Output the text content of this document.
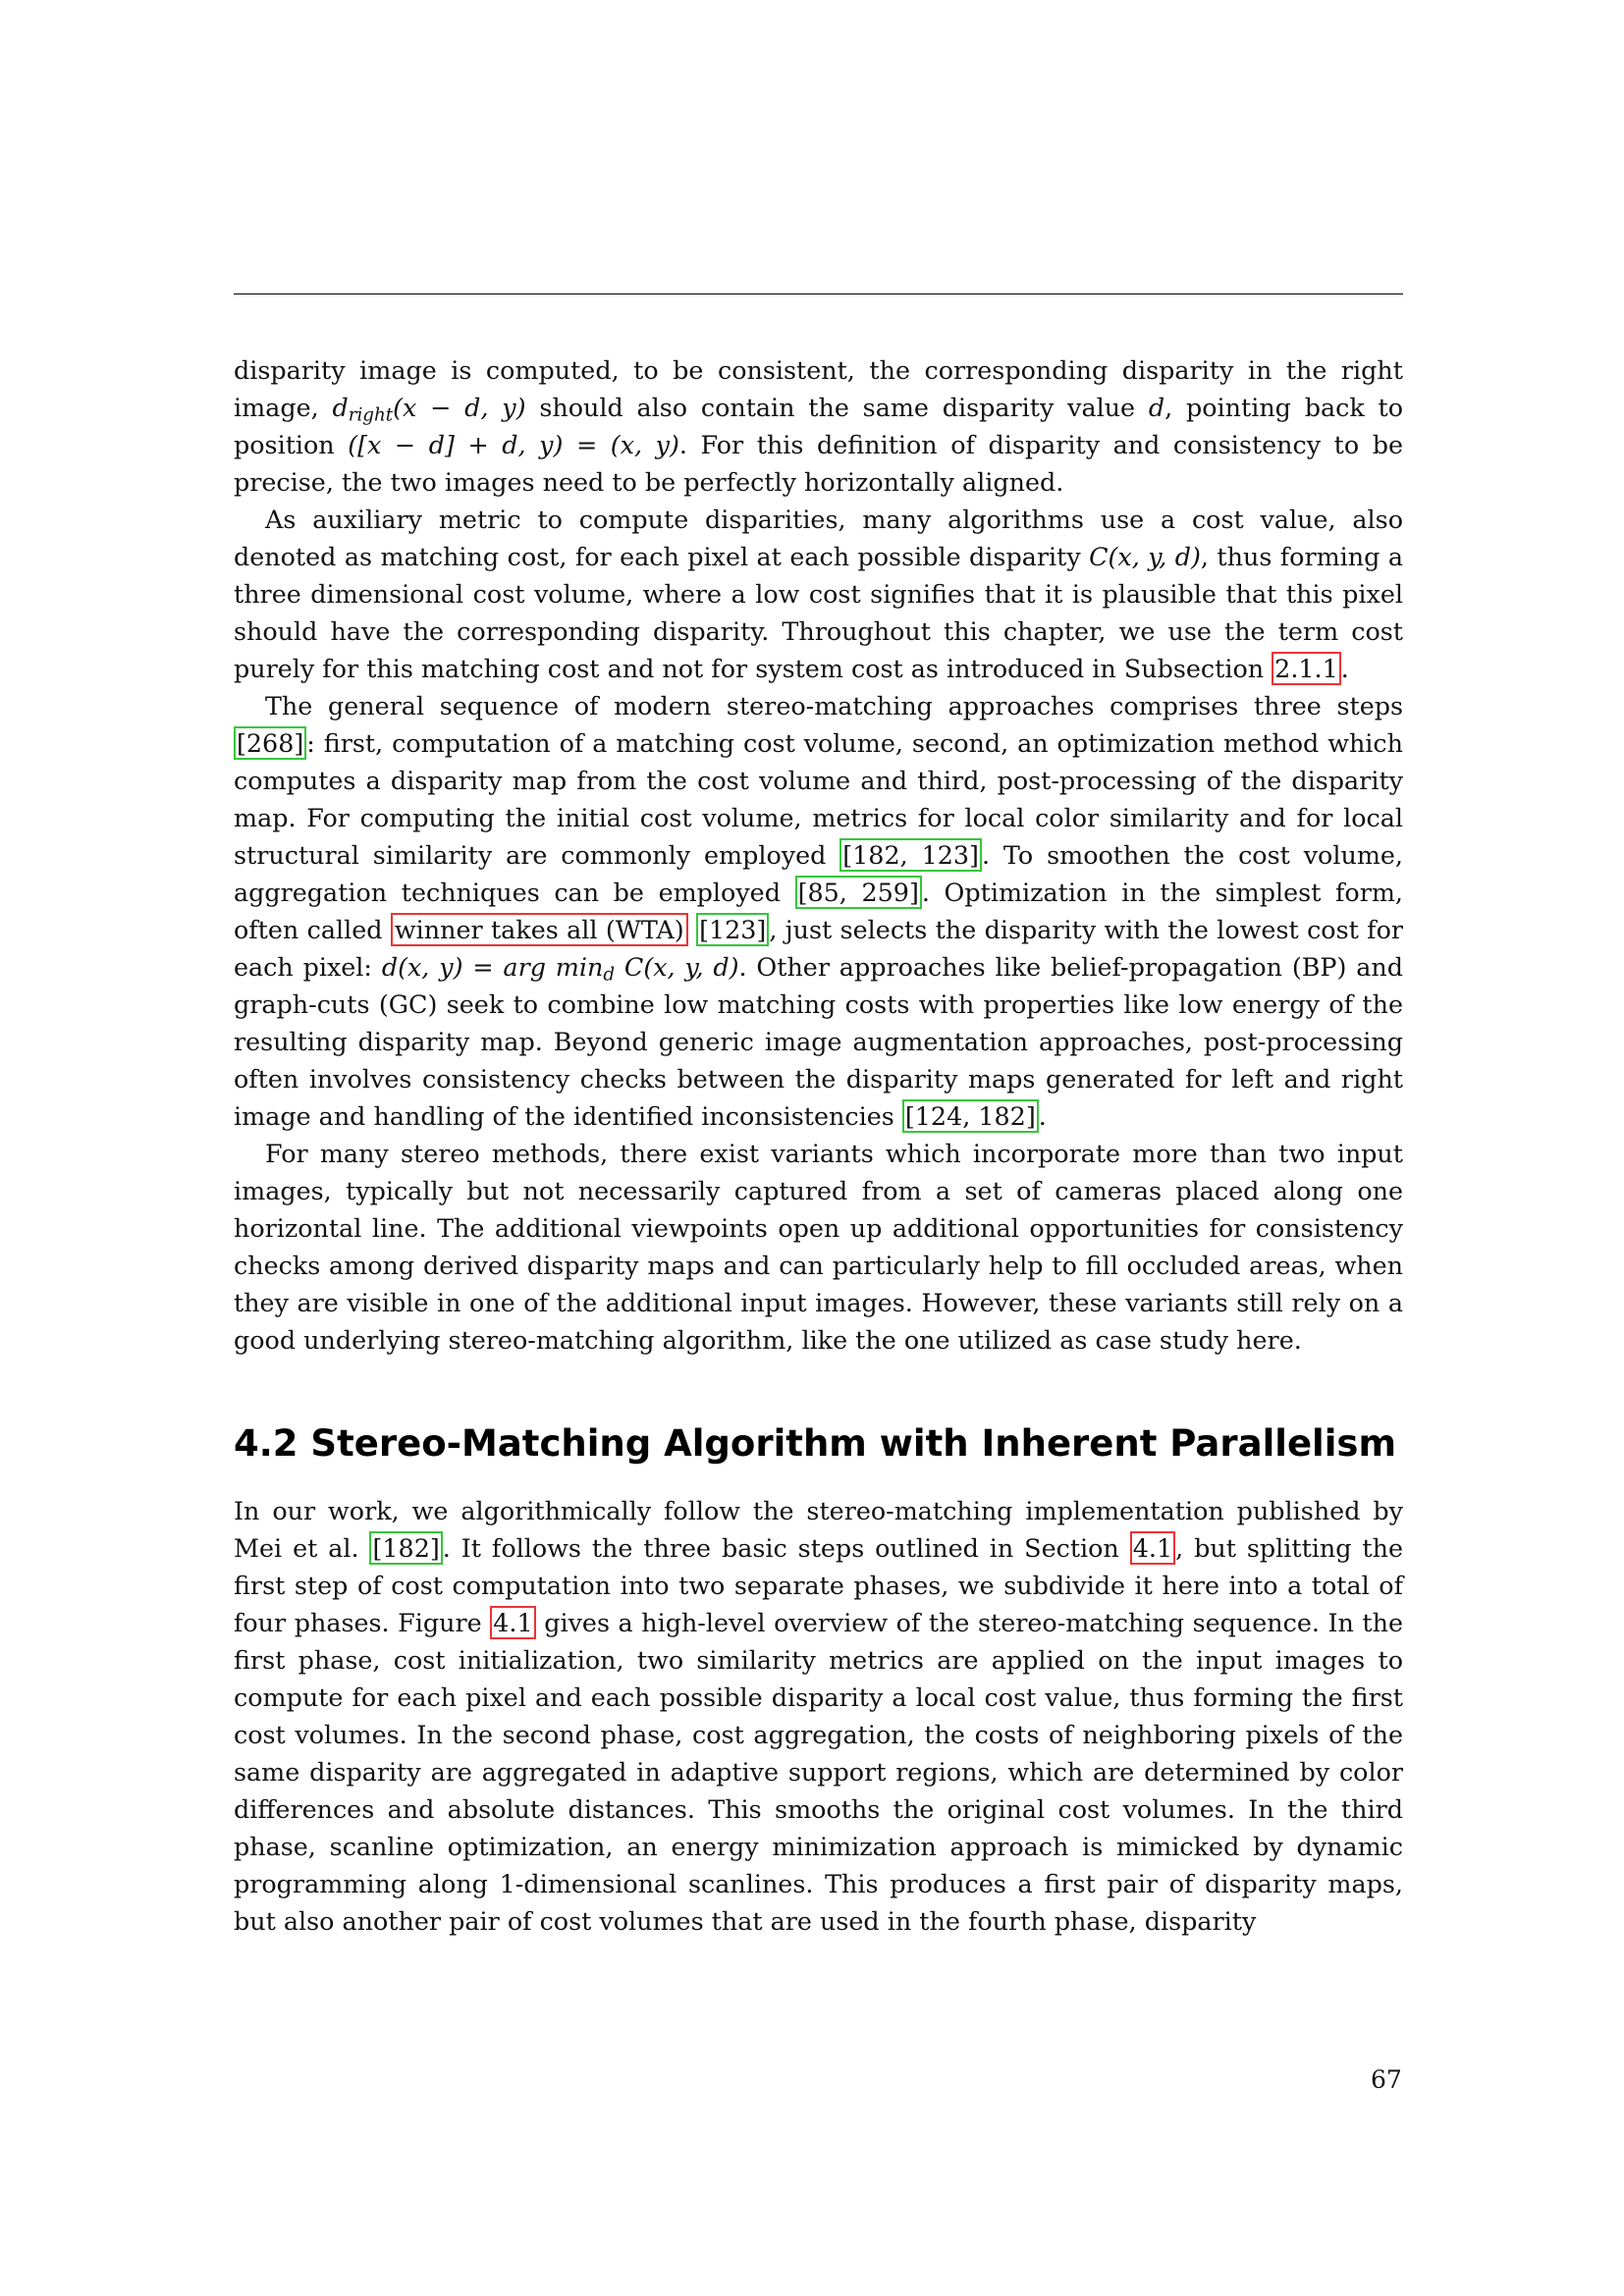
disparity image is computed, to be consistent, the corresponding disparity in the right image, $d_{right}(x - d$, y) should also contain the same disparity value d, pointing back to position ([x − d] + d, y) = (x, y). For this definition of disparity and consistency to be precise, the two images need to be perfectly horizontally aligned.

As auxiliary metric to compute disparities, many algorithms use a cost value, also denoted as matching cost, for each pixel at each possible disparity C(x, y, d), thus forming a three dimensional cost volume, where a low cost signifies that it is plausible that this pixel should have the corresponding disparity. Throughout this chapter, we use the term cost purely for this matching cost and not for system cost as introduced in Subsection 2.1.1 .

The general sequence of modern stereo-matching approaches comprises three steps [268] : first, computation of a matching cost volume, second, an optimization method which computes a disparity map from the cost volume and third, post-processing of the disparity map. For computing the initial cost volume, metrics for local color similarity and for local structural similarity are commonly employed [182, 123] . To smoothen the cost volume, aggregation techniques can be employed [85, 259] . Optimization in the simplest form, often called winner takes all (WTA) [123] , just selects the disparity with the lowest cost for each pixel: d(x, y) = arg $\min_d C(x$, y, d). Other approaches like belief-propagation (BP) and graph-cuts (GC) seek to combine low matching costs with properties like low energy of the resulting disparity map. Beyond generic image augmentation approaches, post-processing often involves consistency checks between the disparity maps generated for left and right image and handling of the identified inconsistencies [124, 182] .

For many stereo methods, there exist variants which incorporate more than two input images, typically but not necessarily captured from a set of cameras placed along one horizontal line. The additional viewpoints open up additional opportunities for consistency checks among derived disparity maps and can particularly help to fill occluded areas, when they are visible in one of the additional input images. However, these variants still rely on a good underlying stereo-matching algorithm, like the one utilized as case study here.

4.2 Stereo-Matching Algorithm with Inherent Parallelism

In our work, we algorithmically follow the stereo-matching implementation published by Mei et al. [182] . It follows the three basic steps outlined in Section 4.1 , but splitting the first step of cost computation into two separate phases, we subdivide it here into a total of four phases. Figure 4.1 gives a high-level overview of the stereo-matching sequence. In the first phase, cost initialization, two similarity metrics are applied on the input images to compute for each pixel and each possible disparity a local cost value, thus forming the first cost volumes. In the second phase, cost aggregation, the costs of neighboring pixels of the same disparity are aggregated in adaptive support regions, which are determined by color differences and absolute distances. This smooths the original cost volumes. In the third phase, scanline optimization, an energy minimization approach is mimicked by dynamic programming along 1-dimensional scanlines. This produces a first pair of disparity maps, but also another pair of cost volumes that are used in the fourth phase, disparity

67
